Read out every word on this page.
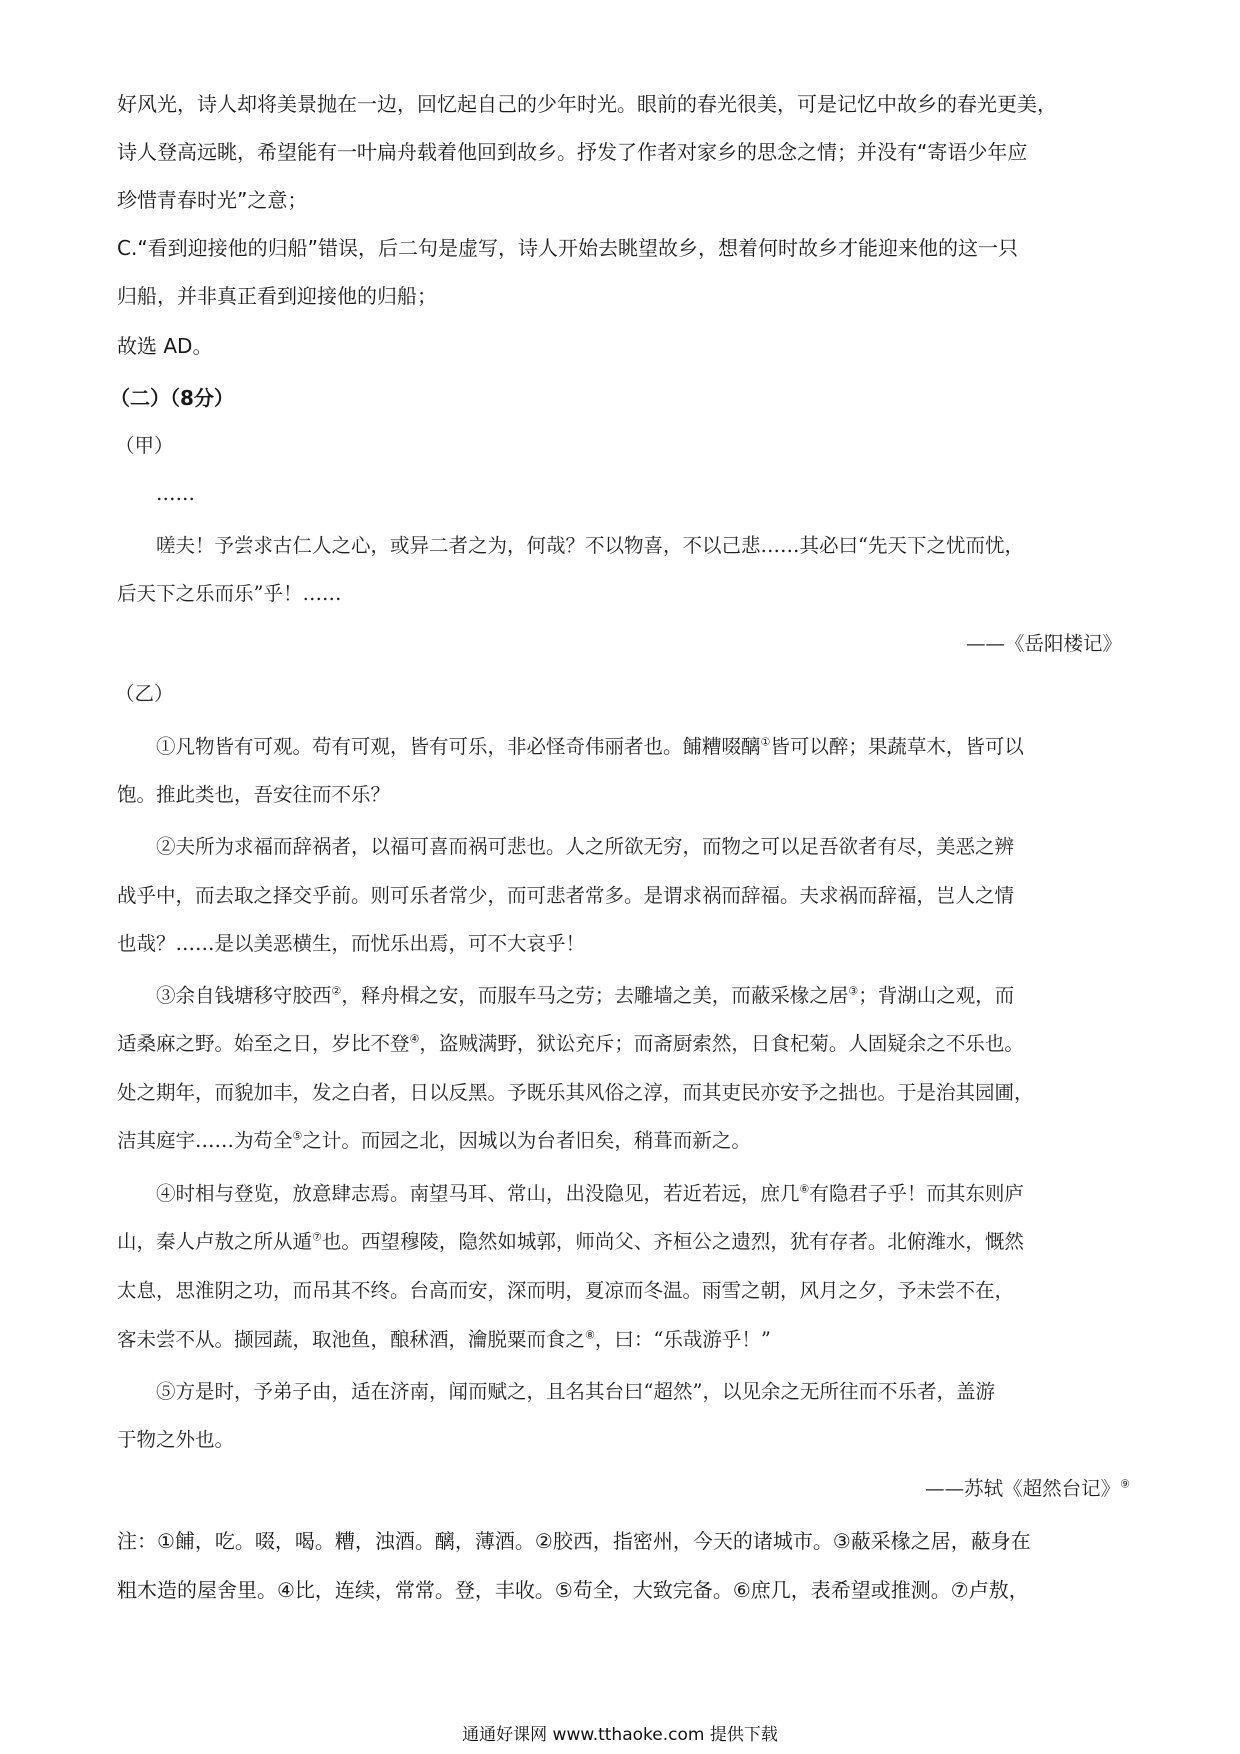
好风光，诗人却将美景抛在一边，回忆起自己的少年时光。眼前的春光很美，可是记忆中故乡的春光更美，
诗人登高远眺，希望能有一叶扁舟载着他回到故乡。抒发了作者对家乡的思念之情；并没有“寄语少年应
珍惜青春时光”之意；
C.“看到迎接他的归船”错误，后二句是虚写，诗人开始去眺望故乡，想着何时故乡才能迎来他的这一只
归船，并非真正看到迎接他的归船；
故选 AD。
（二）（8分）
（甲）
……
嗟夫！予尝求古仁人之心，或异二者之为，何哉？不以物喜，不以己悲……其必曰“先天下之忧而忧，
后天下之乐而乐”乎！……
——《岳阳楼记》
（乙）
①凡物皆有可观。苟有可观，皆有可乐，非必怪奇伟丽者也。餔糟啜醨①皆可以醉；果蔬草木，皆可以
饱。推此类也，吾安往而不乐？
②夫所为求福而辞祸者，以福可喜而祸可悲也。人之所欲无穷，而物之可以足吾欲者有尽，美恶之辨
战乎中，而去取之择交乎前。则可乐者常少，而可悲者常多。是谓求祸而辞福。夫求祸而辞福，岂人之情
也哉？……是以美恶横生，而忧乐出焉，可不大哀乎！
③余自钱塘移守胶西②，释舟楫之安，而服车马之劳；去雕墙之美，而蔽采椽之居③；背湖山之观，而
适桑麻之野。始至之日，岁比不登④，盗贼满野，狱讼充斥；而斋厨索然，日食杞菊。人固疑余之不乐也。
处之期年，而貌加丰，发之白者，日以反黑。予既乐其风俗之淳，而其吏民亦安予之拙也。于是治其园圃，
洁其庭宇……为苟全⑤之计。而园之北，因城以为台者旧矣，稍葺而新之。
④时相与登览，放意肆志焉。南望马耳、常山，出没隐见，若近若远，庶几⑥有隐君子乎！而其东则庐
山，秦人卢敖之所从遁⑦也。西望穆陵，隐然如城郭，师尚父、齐桓公之遗烈，犹有存者。北俯潍水，慨然
太息，思淮阴之功，而吊其不终。台高而安，深而明，夏凉而冬温。雨雪之朝，风月之夕，予未尝不在，
客未尝不从。撷园蔬，取池鱼，酿秫酒，瀹脱粟而食之⑧，曰：“乐哉游乎！”
⑤方是时，予弟子由，适在济南，闻而赋之，且名其台曰“超然”，以见余之无所往而不乐者，盖游
于物之外也。
——苏轼《超然台记》⑨
注：①餔，吃。啜，喝。糟，浊酒。醨，薄酒。②胶西，指密州，今天的诸城市。③蔽采椽之居，蔽身在
粗木造的屋舍里。④比，连续，常常。登，丰收。⑤苟全，大致完备。⑥庶几，表希望或推测。⑦卢敖，
通通好课网 www.tthaoke.com 提供下载
